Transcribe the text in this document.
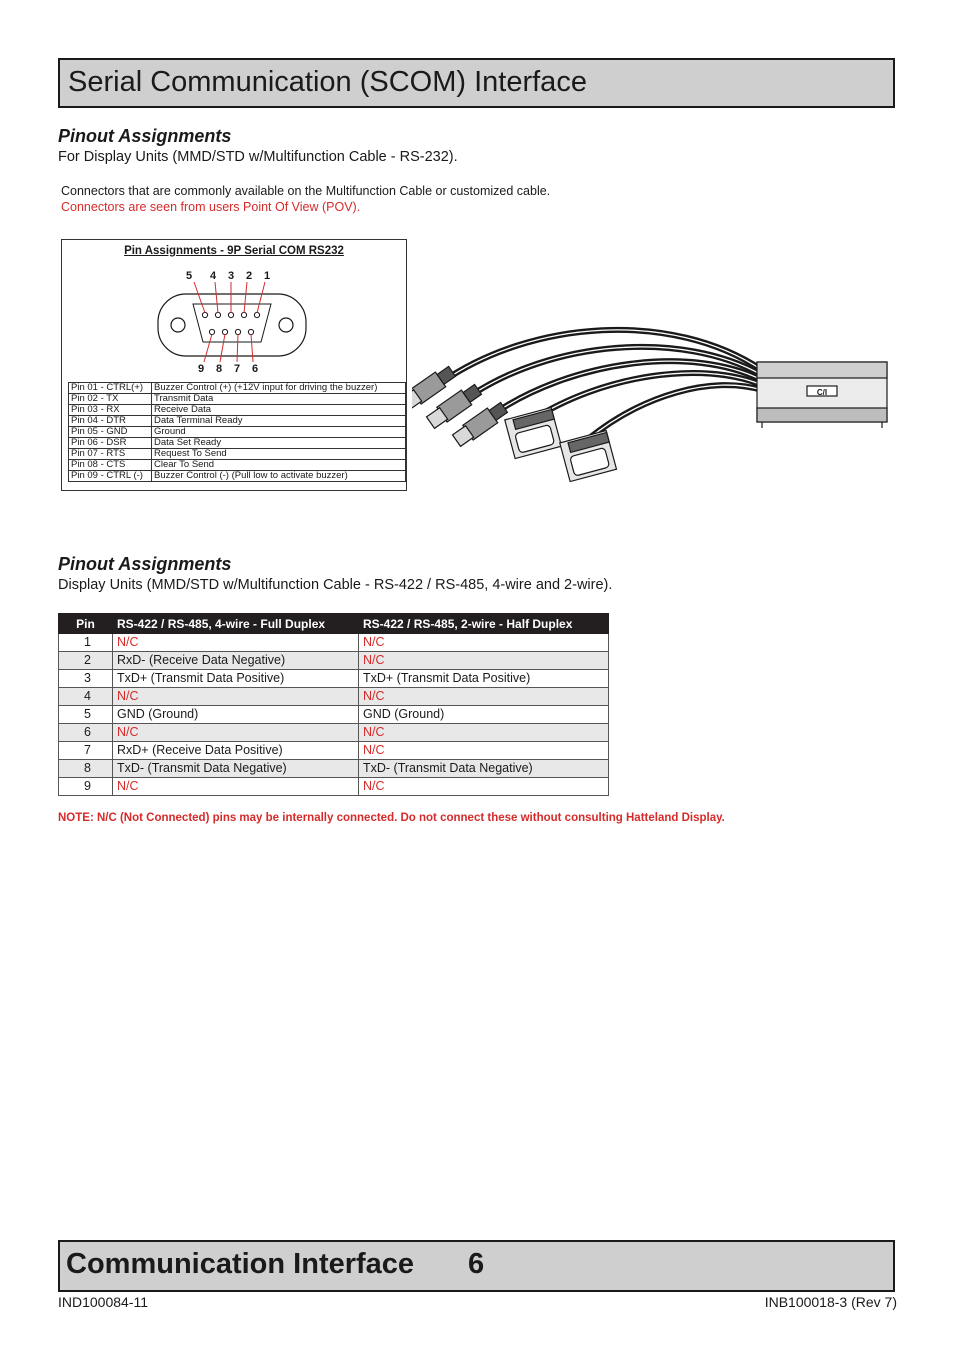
Serial Communication (SCOM) Interface
Pinout Assignments
For Display Units (MMD/STD w/Multifunction Cable - RS-232).
Connectors that are commonly available on the Multifunction Cable or customized cable.
Connectors are seen from users Point Of View (POV).
Pin Assignments - 9P Serial COM RS232
5 4 3 2 1
9 8 7 6
Pin 01 - CTRL(+)	Buzzer Control (+) (+12V input for driving the buzzer)
Pin 02 - TX	Transmit Data
Pin 03 - RX	Receive Data
Pin 04 - DTR	Data Terminal Ready
Pin 05 - GND	Ground
Pin 06 - DSR	Data Set Ready
Pin 07 - RTS	Request To Send
Pin 08 - CTS	Clear To Send
Pin 09 - CTRL (-)	Buzzer Control (-) (Pull low to activate buzzer)
C/I
Pinout Assignments
Display Units (MMD/STD w/Multifunction Cable - RS-422 / RS-485, 4-wire and 2-wire).
Pin	RS-422 / RS-485, 4-wire - Full Duplex	RS-422 / RS-485, 2-wire - Half Duplex
1	N/C	N/C
2	RxD- (Receive Data Negative)	N/C
3	TxD+ (Transmit Data Positive)	TxD+ (Transmit Data Positive)
4	N/C	N/C
5	GND (Ground)	GND (Ground)
6	N/C	N/C
7	RxD+ (Receive Data Positive)	N/C
8	TxD- (Transmit Data Negative)	TxD- (Transmit Data Negative)
9	N/C	N/C
NOTE: N/C (Not Connected) pins may be internally connected. Do not connect these without consulting Hatteland Display.
Communication Interface 6
IND100084-11	INB100018-3 (Rev 7)
